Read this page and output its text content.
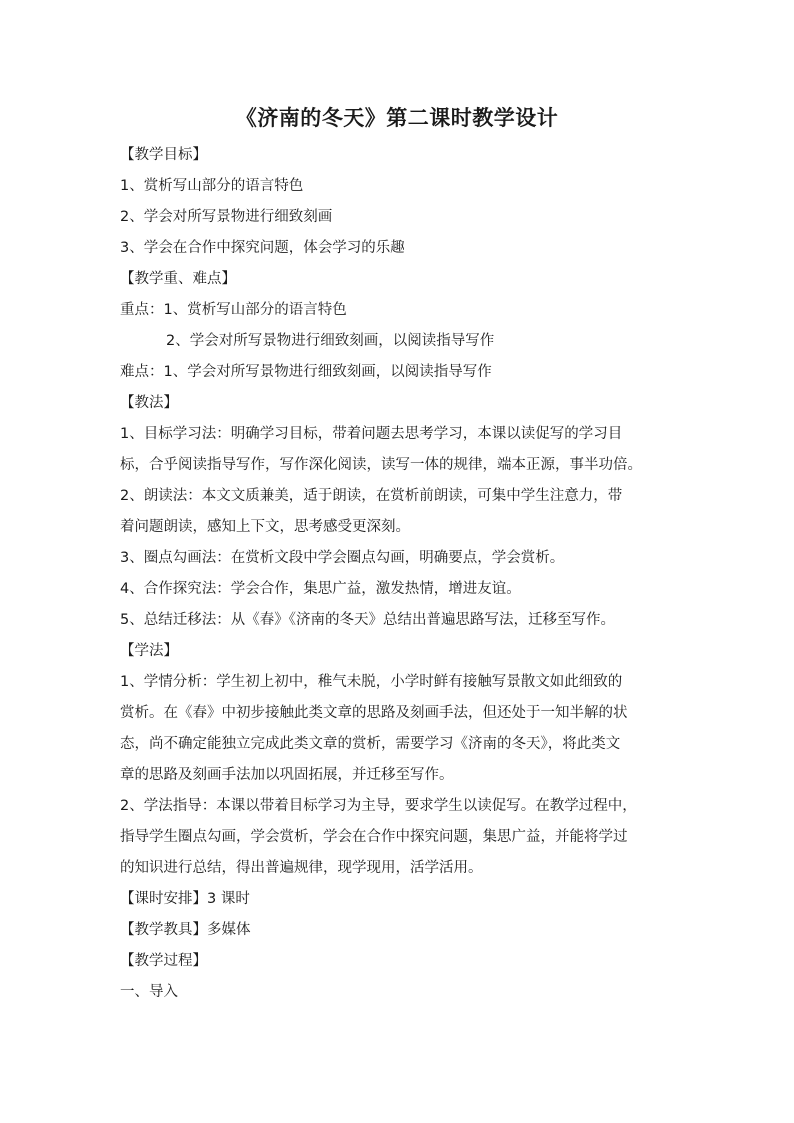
《济南的冬天》第二课时教学设计
【教学目标】
1、赏析写山部分的语言特色
2、学会对所写景物进行细致刻画
3、学会在合作中探究问题，体会学习的乐趣
【教学重、难点】
重点：1、赏析写山部分的语言特色
2、学会对所写景物进行细致刻画，以阅读指导写作
难点：1、学会对所写景物进行细致刻画，以阅读指导写作
【教法】
1、目标学习法：明确学习目标，带着问题去思考学习，本课以读促写的学习目
标，合乎阅读指导写作，写作深化阅读，读写一体的规律，端本正源，事半功倍。
2、朗读法：本文文质兼美，适于朗读，在赏析前朗读，可集中学生注意力，带
着问题朗读，感知上下文，思考感受更深刻。
3、圈点勾画法：在赏析文段中学会圈点勾画，明确要点，学会赏析。
4、合作探究法：学会合作，集思广益，激发热情，增进友谊。
5、总结迁移法：从《春》《济南的冬天》总结出普遍思路写法，迁移至写作。
【学法】
1、学情分析：学生初上初中，稚气未脱，小学时鲜有接触写景散文如此细致的
赏析。在《春》中初步接触此类文章的思路及刻画手法，但还处于一知半解的状
态，尚不确定能独立完成此类文章的赏析，需要学习《济南的冬天》，将此类文
章的思路及刻画手法加以巩固拓展，并迁移至写作。
2、学法指导：本课以带着目标学习为主导，要求学生以读促写。在教学过程中，
指导学生圈点勾画，学会赏析，学会在合作中探究问题，集思广益，并能将学过
的知识进行总结，得出普遍规律，现学现用，活学活用。
【课时安排】3 课时
【教学教具】多媒体
【教学过程】
一、导入
